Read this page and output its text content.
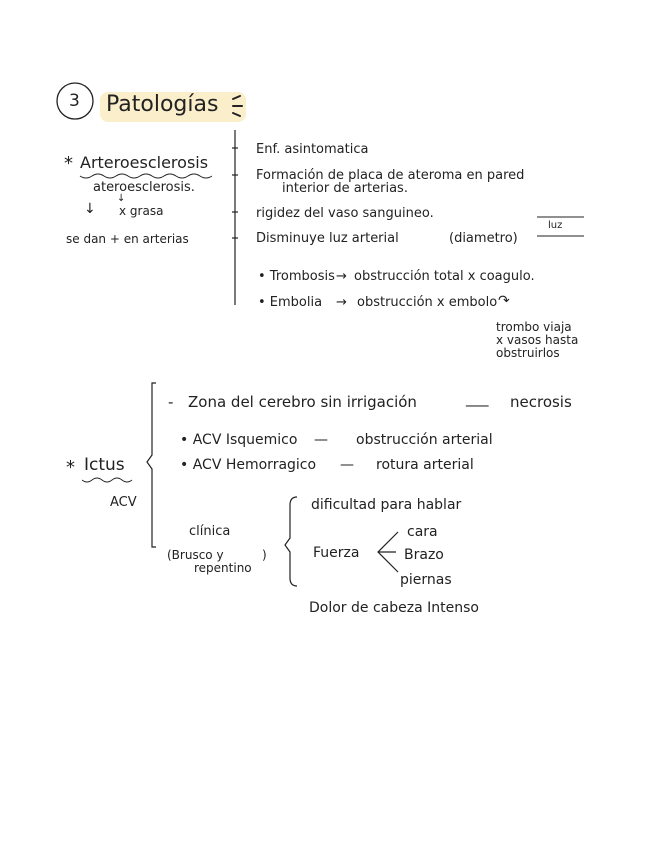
3 Patologías
* Arteroesclerosis
ateroesclerosis.
↓
x grasa
↓
se dan + en arterias
Enf. asintomatica
Formación de placa de ateroma en pared
interior de arterias.
rigidez del vaso sanguineo.
Disminuye luz arterial	(diametro)
luz
• Trombosis → obstrucción total x coagulo.
• Embolia → obstrucción x embolo ↷
trombo viaja
x vasos hasta
obstruirlos
* Ictus
ACV
- Zona del cerebro sin irrigación	___ necrosis
• ACV Isquemico — obstrucción arterial
• ACV Hemorragico — rotura arterial
clínica
(Brusco y	)
repentino
dificultad para hablar
Fuerza
cara
Brazo
piernas
Dolor de cabeza Intenso
